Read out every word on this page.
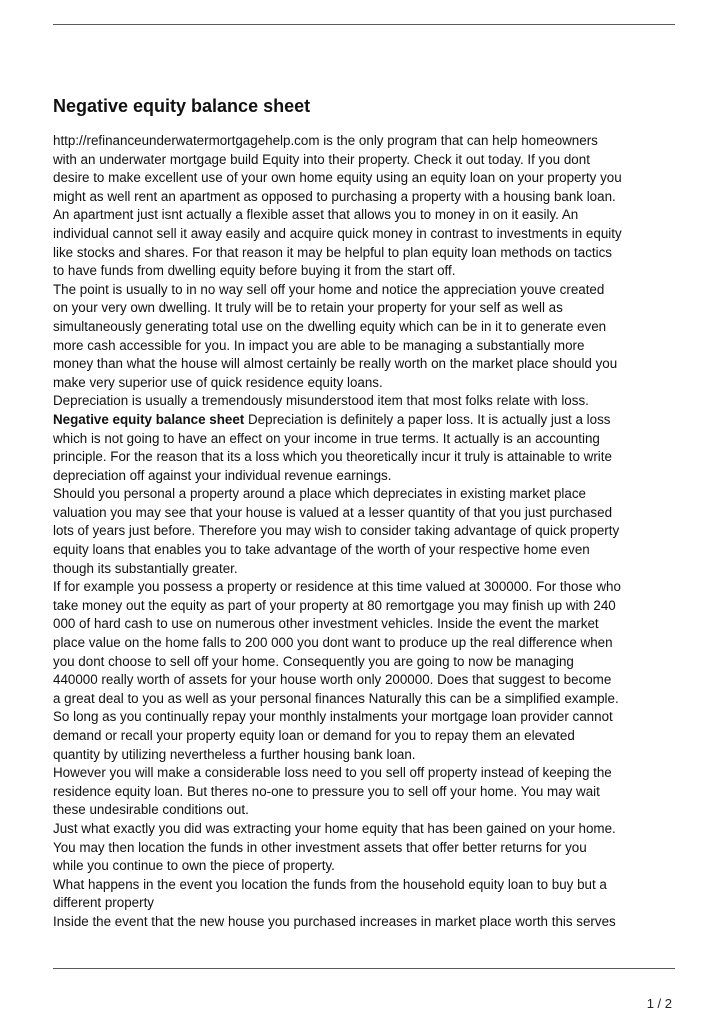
Negative equity balance sheet
http://refinanceunderwatermortgagehelp.com is the only program that can help homeowners
with an underwater mortgage build Equity into their property. Check it out today. If you dont
desire to make excellent use of your own home equity using an equity loan on your property you
might as well rent an apartment as opposed to purchasing a property with a housing bank loan.
An apartment just isnt actually a flexible asset that allows you to money in on it easily. An
individual cannot sell it away easily and acquire quick money in contrast to investments in equity
like stocks and shares. For that reason it may be helpful to plan equity loan methods on tactics
to have funds from dwelling equity before buying it from the start off.
The point is usually to in no way sell off your home and notice the appreciation youve created
on your very own dwelling. It truly will be to retain your property for your self as well as
simultaneously generating total use on the dwelling equity which can be in it to generate even
more cash accessible for you. In impact you are able to be managing a substantially more
money than what the house will almost certainly be really worth on the market place should you
make very superior use of quick residence equity loans.
Depreciation is usually a tremendously misunderstood item that most folks relate with loss.
Negative equity balance sheet Depreciation is definitely a paper loss. It is actually just a loss
which is not going to have an effect on your income in true terms. It actually is an accounting
principle. For the reason that its a loss which you theoretically incur it truly is attainable to write
depreciation off against your individual revenue earnings.
Should you personal a property around a place which depreciates in existing market place
valuation you may see that your house is valued at a lesser quantity of that you just purchased
lots of years just before. Therefore you may wish to consider taking advantage of quick property
equity loans that enables you to take advantage of the worth of your respective home even
though its substantially greater.
If for example you possess a property or residence at this time valued at 300000. For those who
take money out the equity as part of your property at 80 remortgage you may finish up with 240
000 of hard cash to use on numerous other investment vehicles. Inside the event the market
place value on the home falls to 200 000 you dont want to produce up the real difference when
you dont choose to sell off your home. Consequently you are going to now be managing
440000 really worth of assets for your house worth only 200000. Does that suggest to become
a great deal to you as well as your personal finances Naturally this can be a simplified example.
So long as you continually repay your monthly instalments your mortgage loan provider cannot
demand or recall your property equity loan or demand for you to repay them an elevated
quantity by utilizing nevertheless a further housing bank loan.
However you will make a considerable loss need to you sell off property instead of keeping the
residence equity loan. But theres no-one to pressure you to sell off your home. You may wait
these undesirable conditions out.
Just what exactly you did was extracting your home equity that has been gained on your home.
You may then location the funds in other investment assets that offer better returns for you
while you continue to own the piece of property.
What happens in the event you location the funds from the household equity loan to buy but a
different property
Inside the event that the new house you purchased increases in market place worth this serves
1 / 2
